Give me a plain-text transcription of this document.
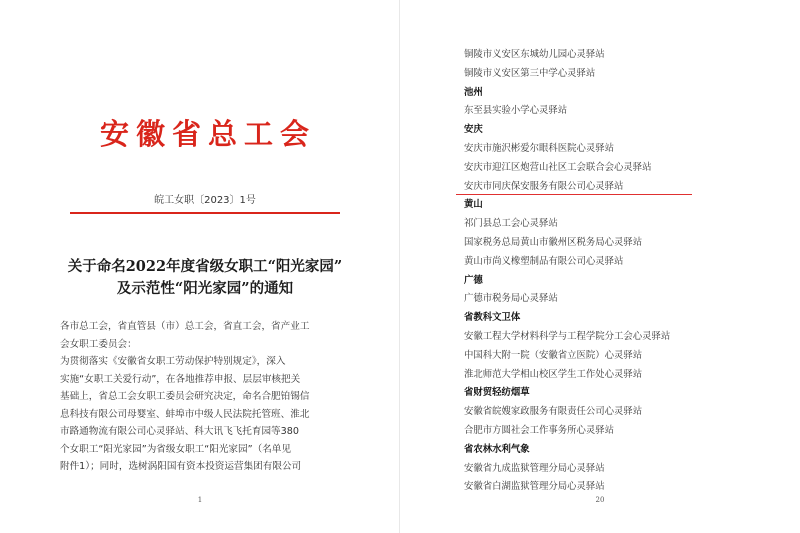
安徽省总工会
皖工女职〔2023〕1号
关于命名2022年度省级女职工“阳光家园”
及示范性“阳光家园”的通知
各市总工会，省直管县（市）总工会，省直工会，省产业工
会女职工委员会：
为贯彻落实《安徽省女职工劳动保护特别规定》，深入
实施“女职工关爱行动”，在各地推荐申报、层层审核把关
基础上，省总工会女职工委员会研究决定，命名合肥铂锡信
息科技有限公司母婴室、蚌埠市中级人民法院托管班、淮北
市路通物流有限公司心灵驿站、科大讯飞飞托育园等380
个女职工“阳光家园”为省级女职工“阳光家园”（名单见
附件1）；同时，选树涡阳国有资本投资运营集团有限公司
1
铜陵市义安区东城幼儿园心灵驿站
铜陵市义安区第三中学心灵驿站
池州
东至县实验小学心灵驿站
安庆
安庆市施沢彬爱尔眼科医院心灵驿站
安庆市迎江区炮营山社区工会联合会心灵驿站
安庆市同庆保安服务有限公司心灵驿站
黄山
祁门县总工会心灵驿站
国家税务总局黄山市徽州区税务局心灵驿站
黄山市尚义橡塑制品有限公司心灵驿站
广德
广德市税务局心灵驿站
省教科文卫体
安徽工程大学材料科学与工程学院分工会心灵驿站
中国科大附一院（安徽省立医院）心灵驿站
淮北师范大学相山校区学生工作处心灵驿站
省财贸轻纺烟草
安徽省皖嫂家政服务有限责任公司心灵驿站
合肥市方圆社会工作事务所心灵驿站
省农林水利气象
安徽省九成监狱管理分局心灵驿站
安徽省白湖监狱管理分局心灵驿站
20
